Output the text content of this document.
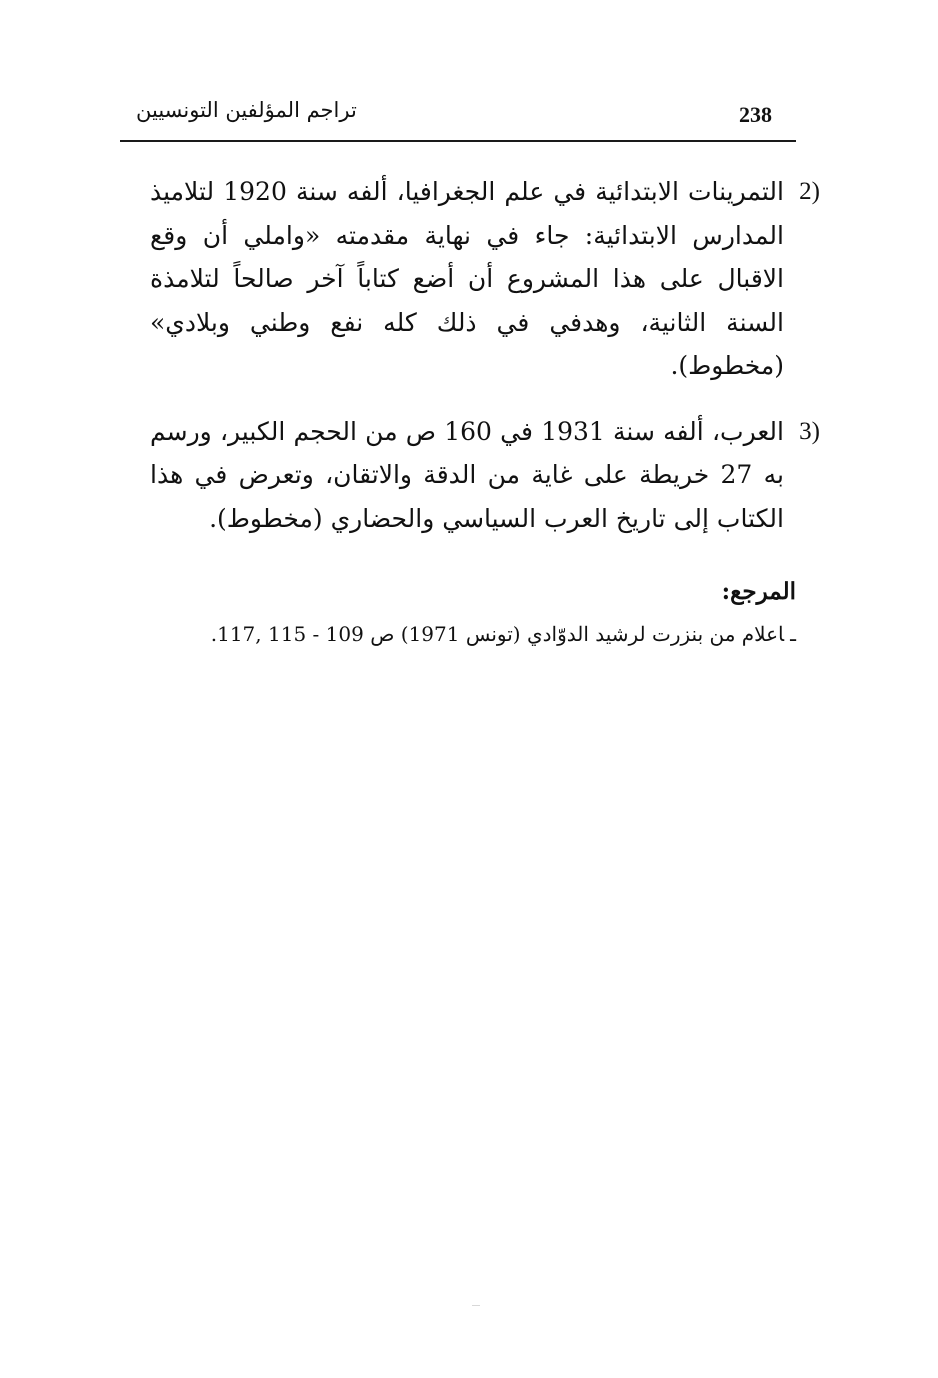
238
تراجم المؤلفين التونسيين

2)
التمرينات الابتدائية في علم الجغرافيا، ألفه سنة 1920 لتلاميذ المدارس الابتدائية: جاء في نهاية مقدمته «واملي أن وقع الاقبال على هذا المشروع أن أضع كتاباً آخر صالحاً لتلامذة السنة الثانية، وهدفي في ذلك كله نفع وطني وبلادي» (مخطوط).

3)
العرب، ألفه سنة 1931 في 160 ص من الحجم الكبير، ورسم به 27 خريطة على غاية من الدقة والاتقان، وتعرض في هذا الكتاب إلى تاريخ العرب السياسي والحضاري (مخطوط).

المرجع:

ـاعلام من بنزرت لرشيد الدوّادي (تونس 1971) ص 109 - 115 ,117.
